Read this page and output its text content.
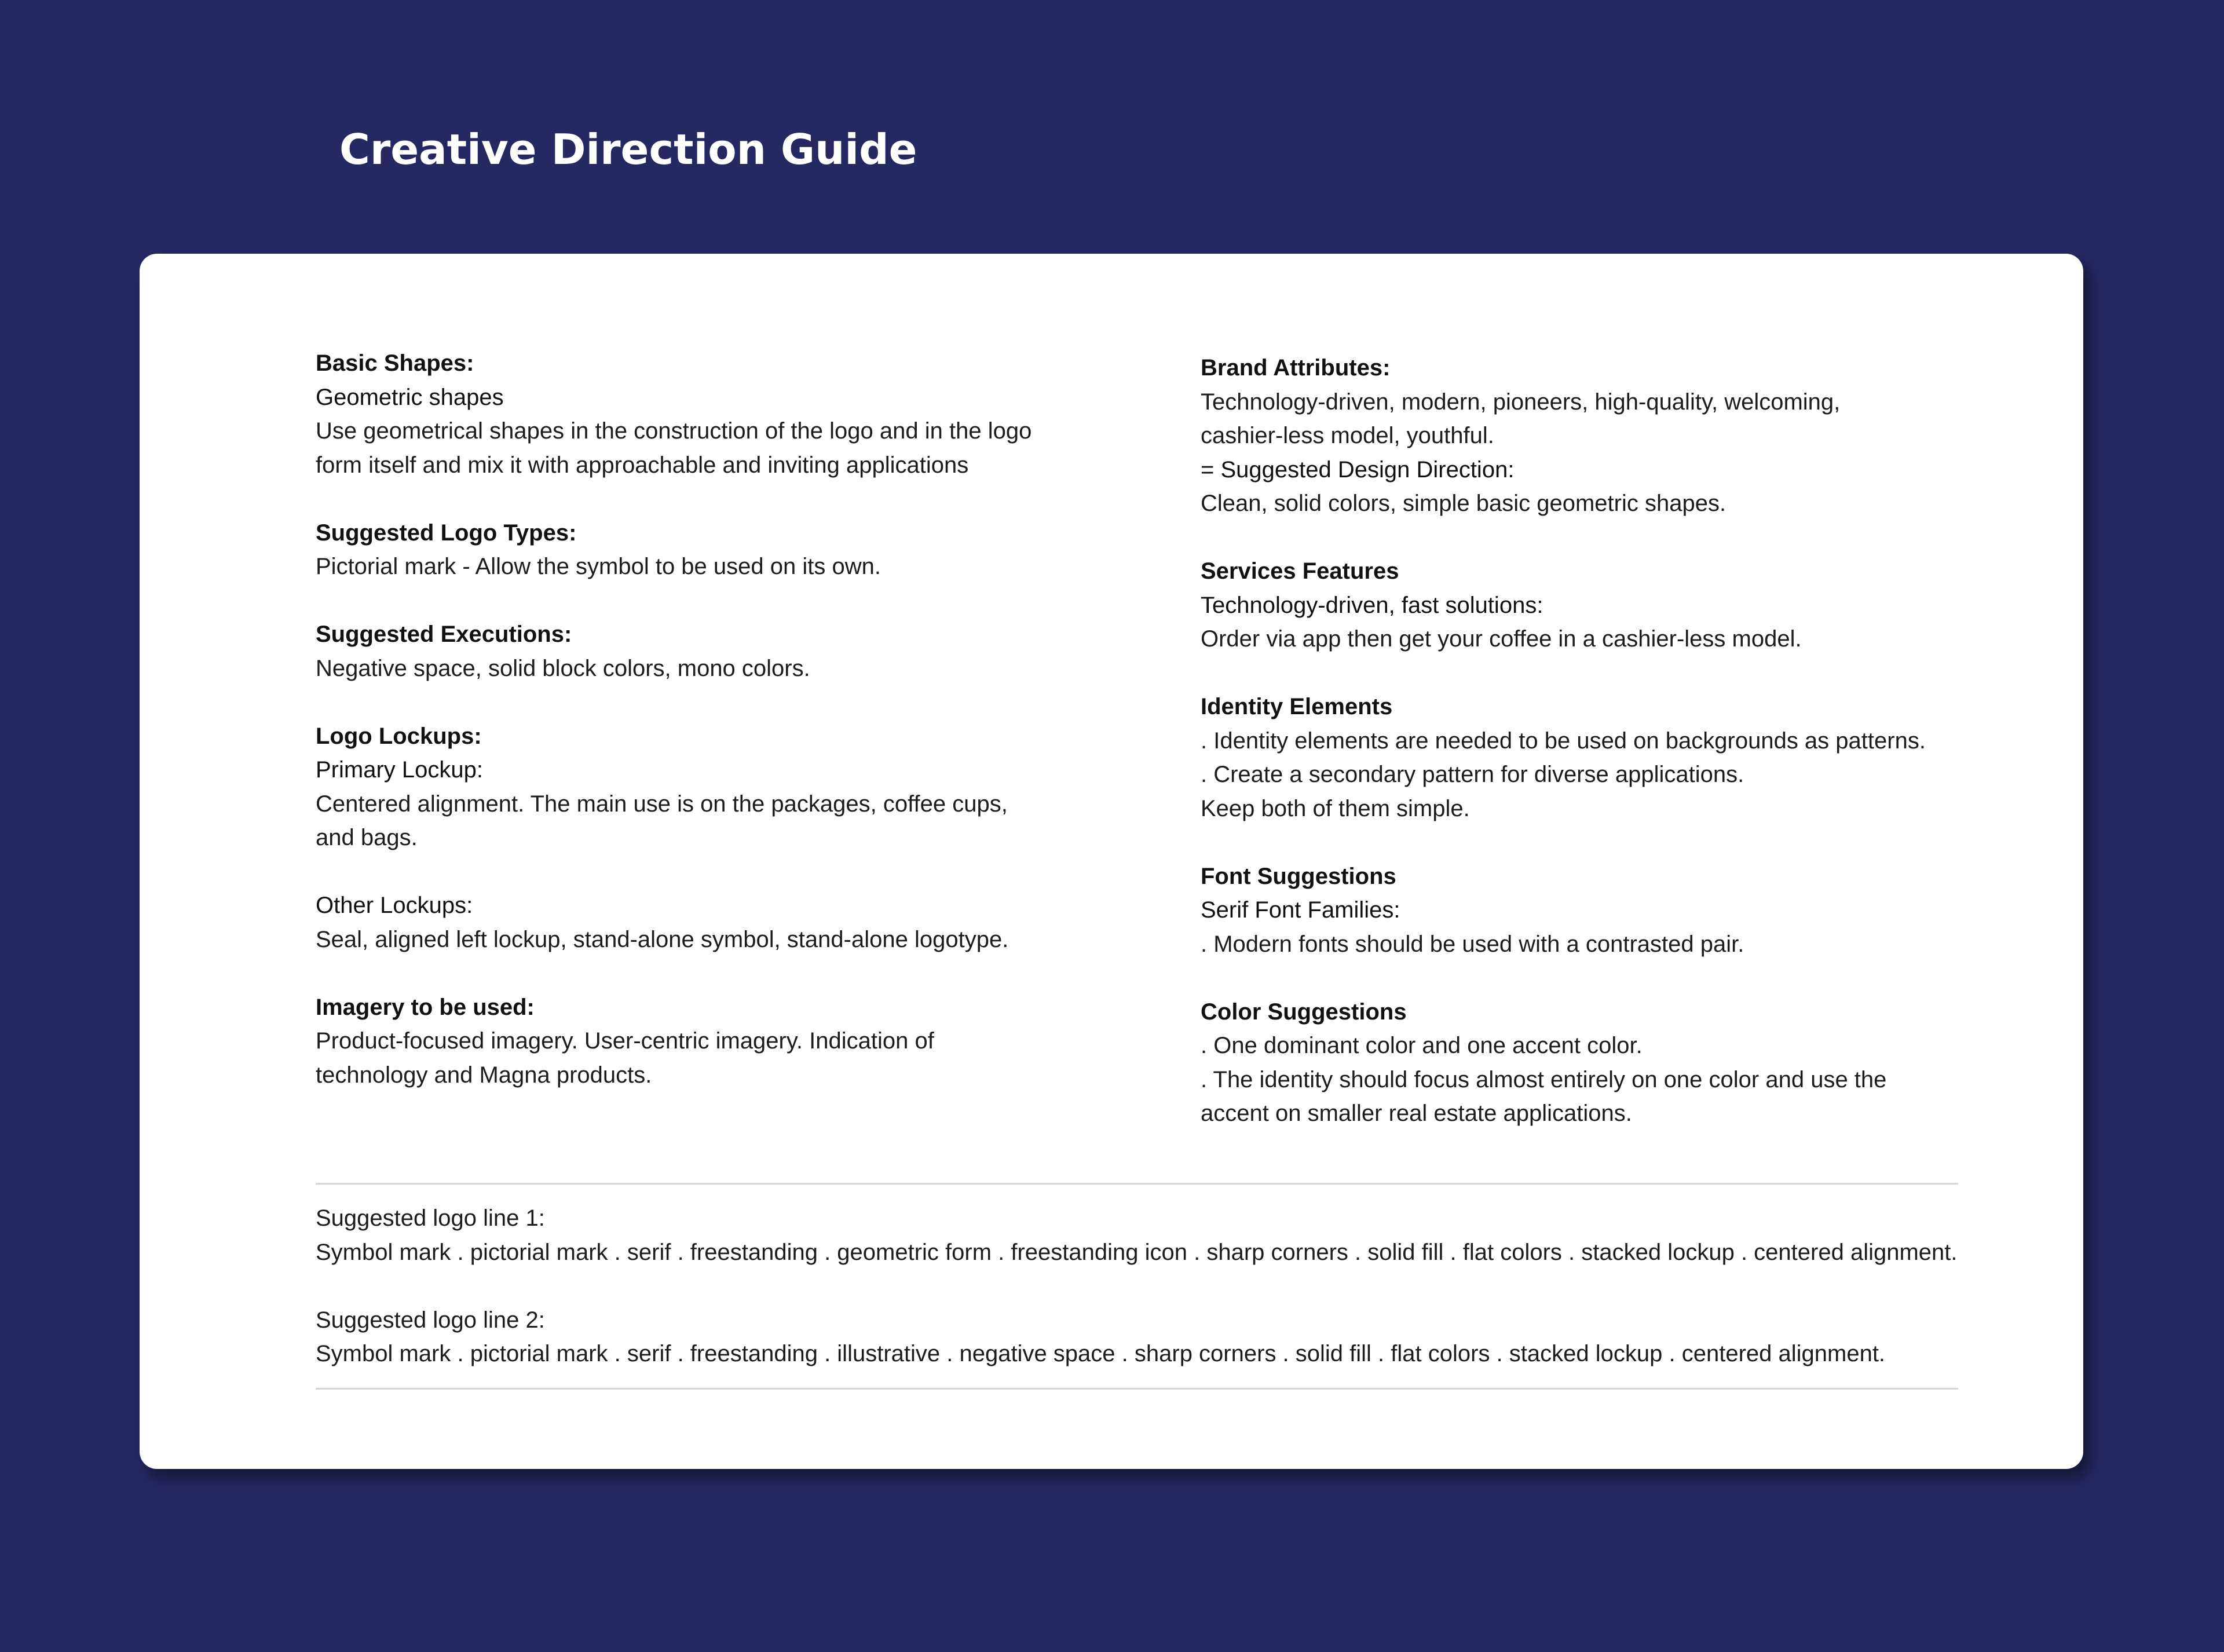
Creative Direction Guide
Basic Shapes:
Geometric shapes
Use geometrical shapes in the construction of the logo and in the logo
form itself and mix it with approachable and inviting applications
Suggested Logo Types:
Pictorial mark - Allow the symbol to be used on its own.
Suggested Executions:
Negative space, solid block colors, mono colors.
Logo Lockups:
Primary Lockup:
Centered alignment. The main use is on the packages, coffee cups,
and bags.
Other Lockups:
Seal, aligned left lockup, stand-alone symbol, stand-alone logotype.
Imagery to be used:
Product-focused imagery. User-centric imagery. Indication of
technology and Magna products.
Brand Attributes:
Technology-driven, modern, pioneers, high-quality, welcoming,
cashier-less model, youthful.
= Suggested Design Direction:
Clean, solid colors, simple basic geometric shapes.
Services Features
Technology-driven, fast solutions:
Order via app then get your coffee in a cashier-less model.
Identity Elements
. Identity elements are needed to be used on backgrounds as patterns.
. Create a secondary pattern for diverse applications.
Keep both of them simple.
Font Suggestions
Serif Font Families:
. Modern fonts should be used with a contrasted pair.
Color Suggestions
. One dominant color and one accent color.
. The identity should focus almost entirely on one color and use the
accent on smaller real estate applications.
Suggested logo line 1:
Symbol mark . pictorial mark . serif . freestanding . geometric form . freestanding icon . sharp corners . solid fill . flat colors . stacked lockup . centered alignment.
Suggested logo line 2:
Symbol mark . pictorial mark . serif . freestanding . illustrative . negative space . sharp corners . solid fill . flat colors . stacked lockup . centered alignment.
